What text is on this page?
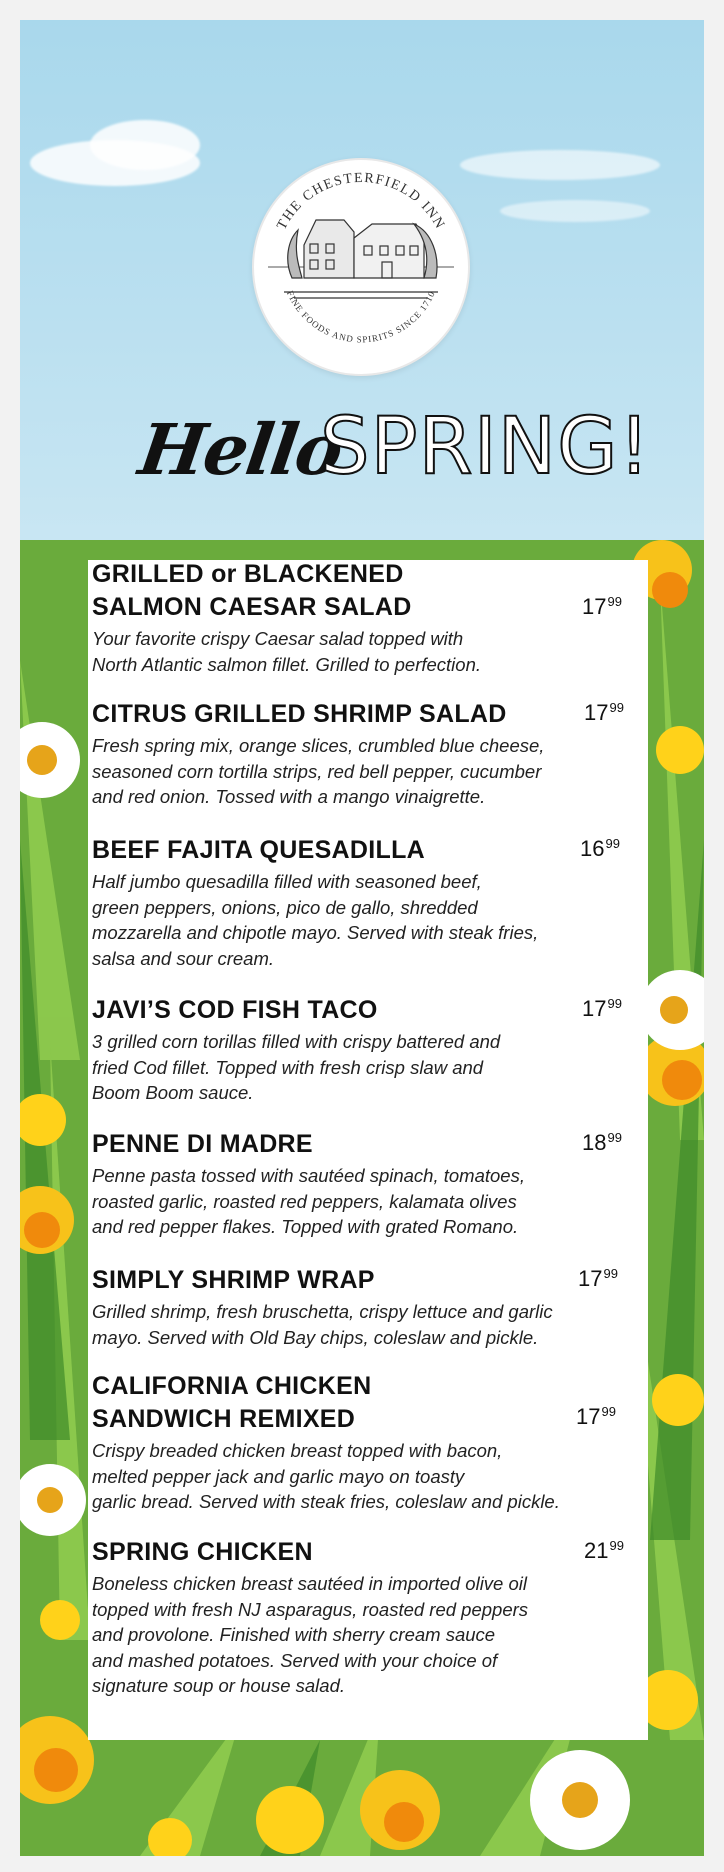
THE CHESTERFIELD INN
FINE FOODS AND SPIRITS SINCE 1710
Hello
SPRING!
GRILLED or BLACKENED
SALMON CAESAR SALAD
Your favorite crispy Caesar salad topped with
North Atlantic salmon fillet. Grilled to perfection.
$17^{99}$
CITRUS GRILLED SHRIMP SALAD
Fresh spring mix, orange slices, crumbled blue cheese,
seasoned corn tortilla strips, red bell pepper, cucumber
and red onion. Tossed with a mango vinaigrette.
$17^{99}$
BEEF FAJITA QUESADILLA
Half jumbo quesadilla filled with seasoned beef,
green peppers, onions, pico de gallo, shredded
mozzarella and chipotle mayo. Served with steak fries,
salsa and sour cream.
$16^{99}$
JAVI’S COD FISH TACO
3 grilled corn torillas filled with crispy battered and
fried Cod fillet. Topped with fresh crisp slaw and
Boom Boom sauce.
$17^{99}$
PENNE DI MADRE
Penne pasta tossed with sautéed spinach, tomatoes,
roasted garlic, roasted red peppers, kalamata olives
and red pepper flakes. Topped with grated Romano.
$18^{99}$
SIMPLY SHRIMP WRAP
Grilled shrimp, fresh bruschetta, crispy lettuce and garlic
mayo. Served with Old Bay chips, coleslaw and pickle.
$17^{99}$
CALIFORNIA CHICKEN
SANDWICH REMIXED
Crispy breaded chicken breast topped with bacon,
melted pepper jack and garlic mayo on toasty
garlic bread. Served with steak fries, coleslaw and pickle.
$17^{99}$
SPRING CHICKEN
Boneless chicken breast sautéed in imported olive oil
topped with fresh NJ asparagus, roasted red peppers
and provolone. Finished with sherry cream sauce
and mashed potatoes. Served with your choice of
signature soup or house salad.
$21^{99}$
